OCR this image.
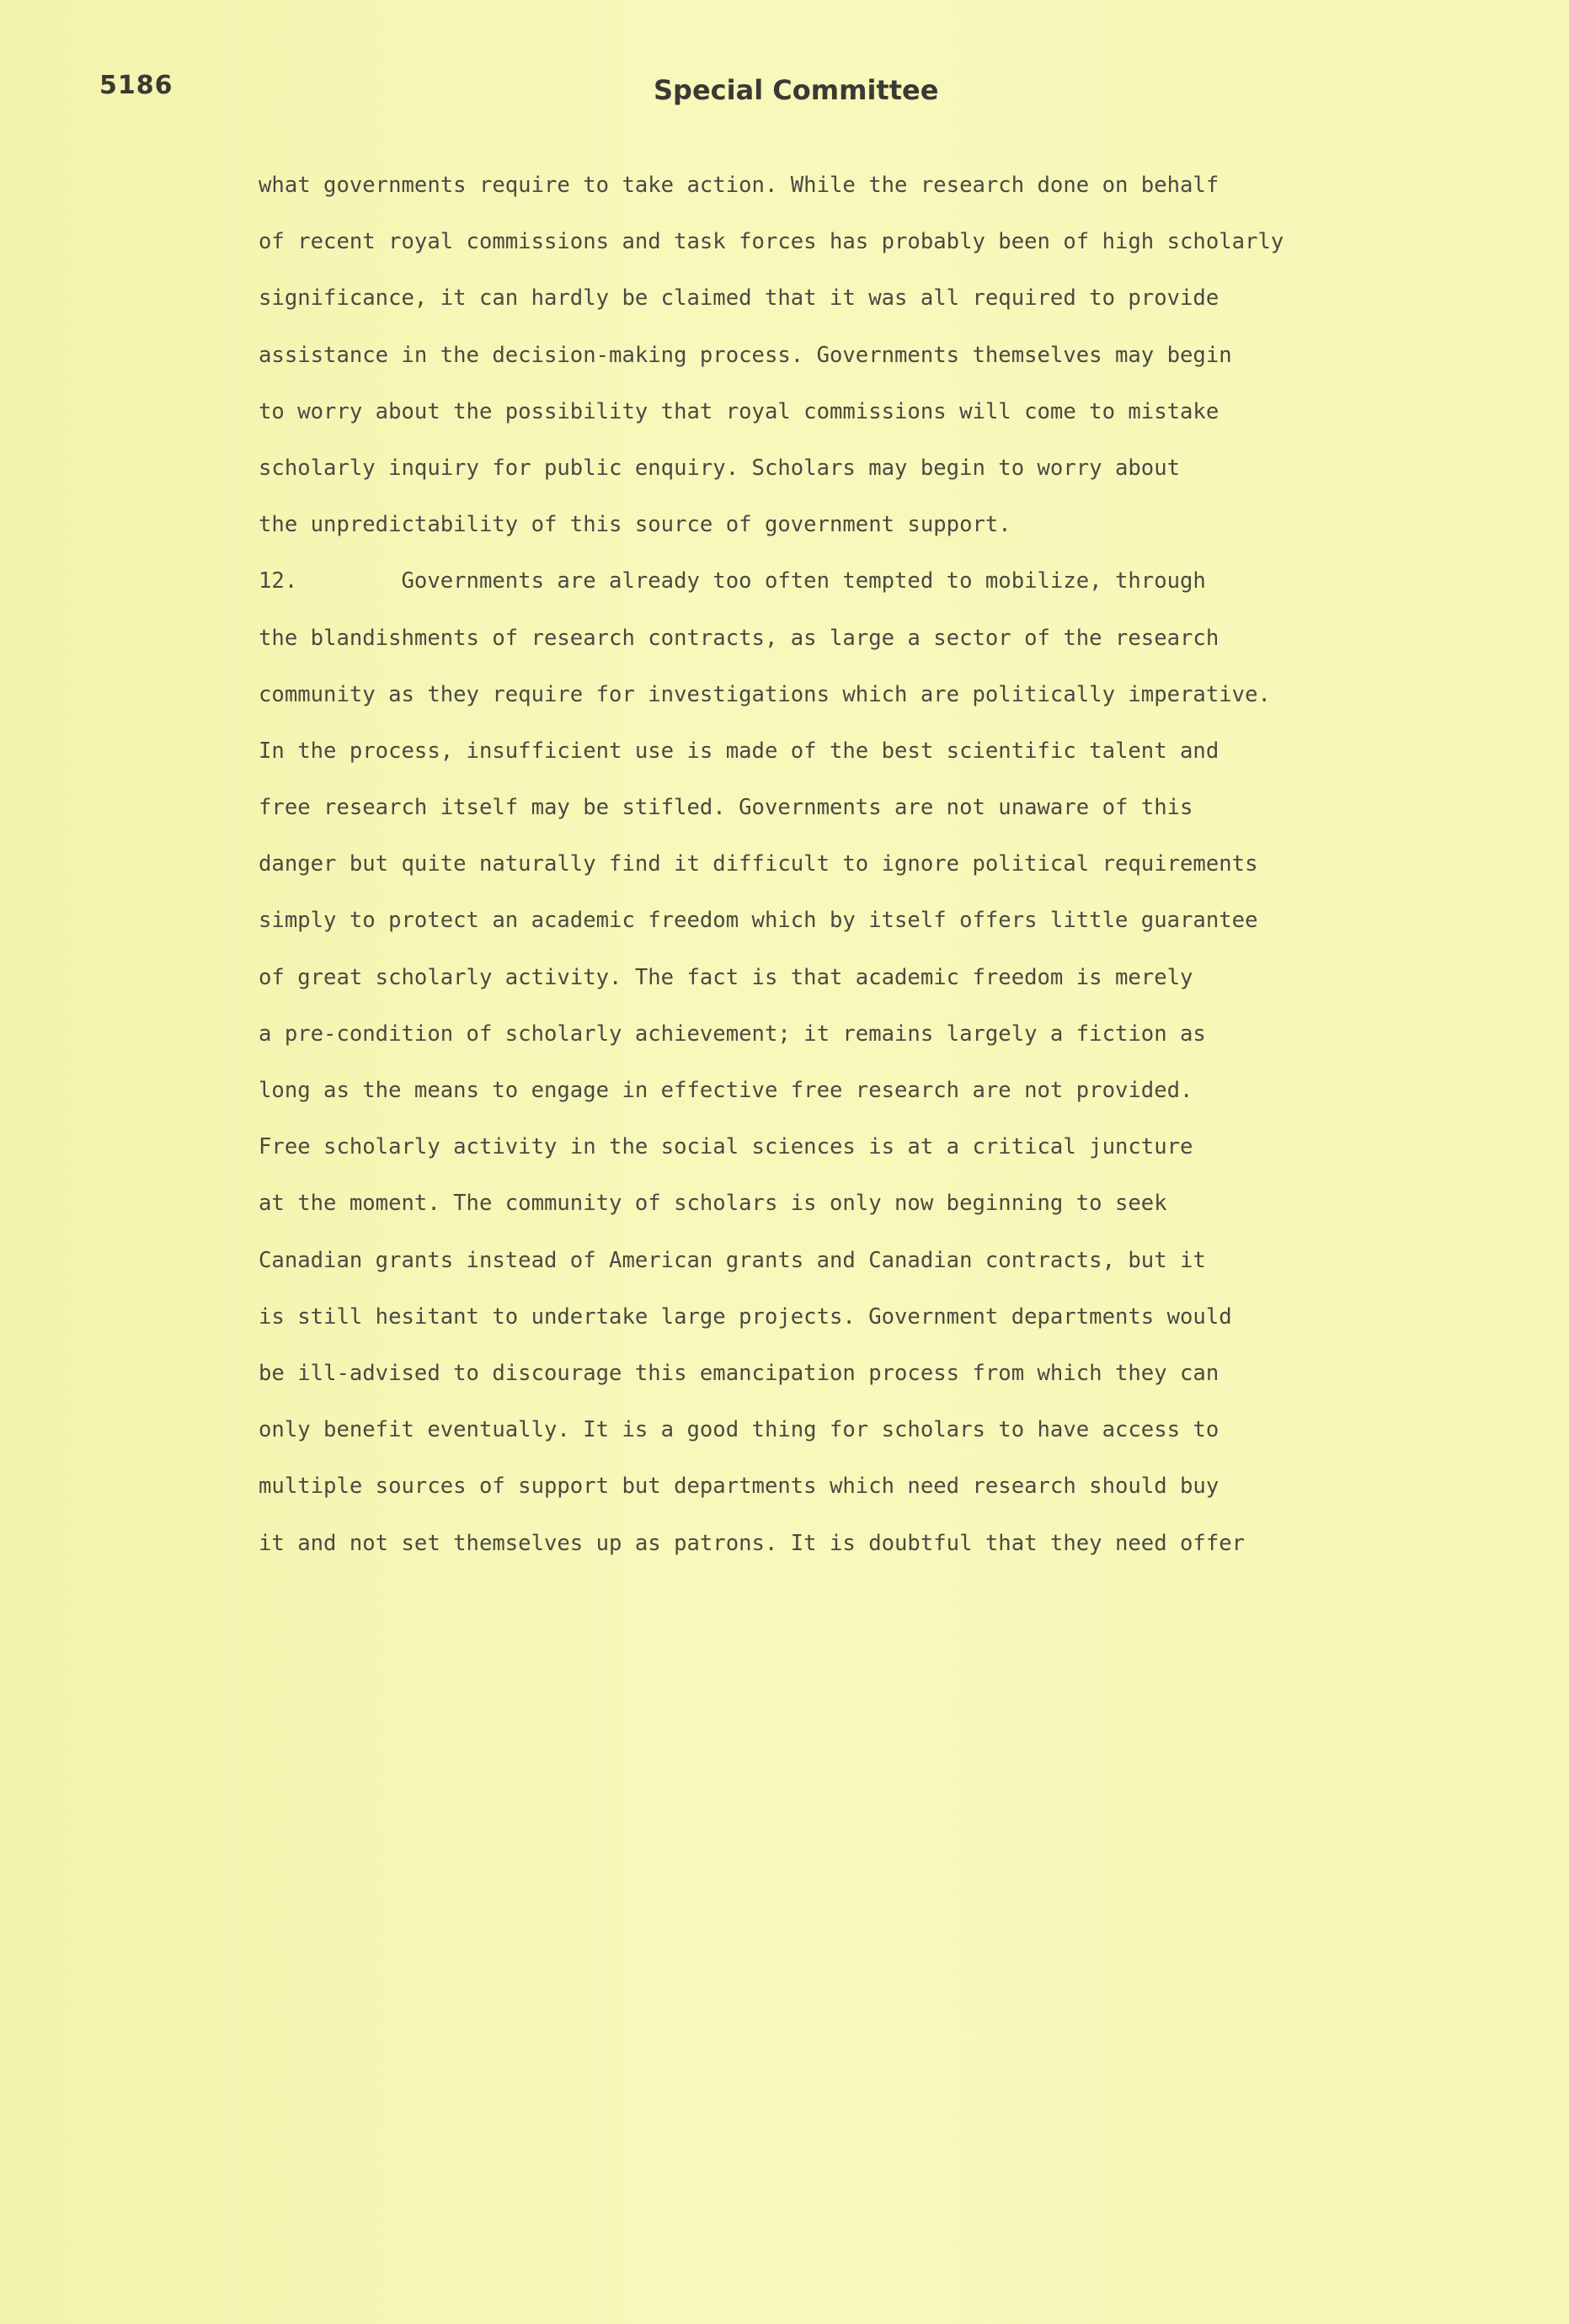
5186	Special Committee
what governments require to take action. While the research done on behalf
of recent royal commissions and task forces has probably been of high scholarly
significance, it can hardly be claimed that it was all required to provide
assistance in the decision-making process. Governments themselves may begin
to worry about the possibility that royal commissions will come to mistake
scholarly inquiry for public enquiry. Scholars may begin to worry about
the unpredictability of this source of government support.
12.        Governments are already too often tempted to mobilize, through
the blandishments of research contracts, as large a sector of the research
community as they require for investigations which are politically imperative.
In the process, insufficient use is made of the best scientific talent and
free research itself may be stifled. Governments are not unaware of this
danger but quite naturally find it difficult to ignore political requirements
simply to protect an academic freedom which by itself offers little guarantee
of great scholarly activity. The fact is that academic freedom is merely
a pre-condition of scholarly achievement; it remains largely a fiction as
long as the means to engage in effective free research are not provided.
Free scholarly activity in the social sciences is at a critical juncture
at the moment. The community of scholars is only now beginning to seek
Canadian grants instead of American grants and Canadian contracts, but it
is still hesitant to undertake large projects. Government departments would
be ill-advised to discourage this emancipation process from which they can
only benefit eventually. It is a good thing for scholars to have access to
multiple sources of support but departments which need research should buy
it and not set themselves up as patrons. It is doubtful that they need offer
